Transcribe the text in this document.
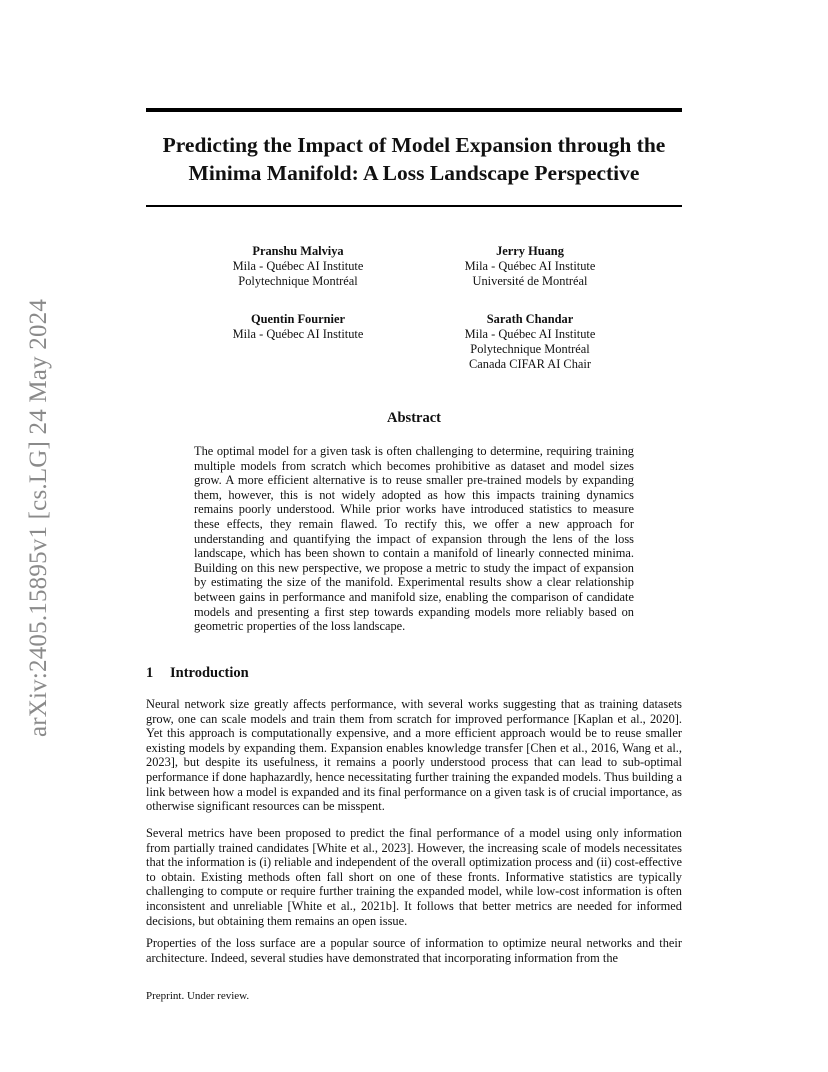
arXiv:2405.15895v1 [cs.LG] 24 May 2024
Predicting the Impact of Model Expansion through the Minima Manifold: A Loss Landscape Perspective
Pranshu Malviya
Mila - Québec AI Institute
Polytechnique Montréal
Jerry Huang
Mila - Québec AI Institute
Université de Montréal
Quentin Fournier
Mila - Québec AI Institute
Sarath Chandar
Mila - Québec AI Institute
Polytechnique Montréal
Canada CIFAR AI Chair
Abstract

The optimal model for a given task is often challenging to determine, requiring training multiple models from scratch which becomes prohibitive as dataset and model sizes grow. A more efficient alternative is to reuse smaller pre-trained models by expanding them, however, this is not widely adopted as how this impacts training dynamics remains poorly understood. While prior works have introduced statistics to measure these effects, they remain flawed. To rectify this, we offer a new approach for understanding and quantifying the impact of expansion through the lens of the loss landscape, which has been shown to contain a manifold of linearly connected minima. Building on this new perspective, we propose a metric to study the impact of expansion by estimating the size of the manifold. Experimental results show a clear relationship between gains in performance and manifold size, enabling the comparison of candidate models and presenting a first step towards expanding models more reliably based on geometric properties of the loss landscape.

1 Introduction

Neural network size greatly affects performance, with several works suggesting that as training datasets grow, one can scale models and train them from scratch for improved performance [Kaplan et al., 2020]. Yet this approach is computationally expensive, and a more efficient approach would be to reuse smaller existing models by expanding them. Expansion enables knowledge transfer [Chen et al., 2016, Wang et al., 2023], but despite its usefulness, it remains a poorly understood process that can lead to sub-optimal performance if done haphazardly, hence necessitating further training the expanded models. Thus building a link between how a model is expanded and its final performance on a given task is of crucial importance, as otherwise significant resources can be misspent.

Several metrics have been proposed to predict the final performance of a model using only information from partially trained candidates [White et al., 2023]. However, the increasing scale of models necessitates that the information is (i) reliable and independent of the overall optimization process and (ii) cost-effective to obtain. Existing methods often fall short on one of these fronts. Informative statistics are typically challenging to compute or require further training the expanded model, while low-cost information is often inconsistent and unreliable [White et al., 2021b]. It follows that better metrics are needed for informed decisions, but obtaining them remains an open issue.

Properties of the loss surface are a popular source of information to optimize neural networks and their architecture. Indeed, several studies have demonstrated that incorporating information from the

Preprint. Under review.
